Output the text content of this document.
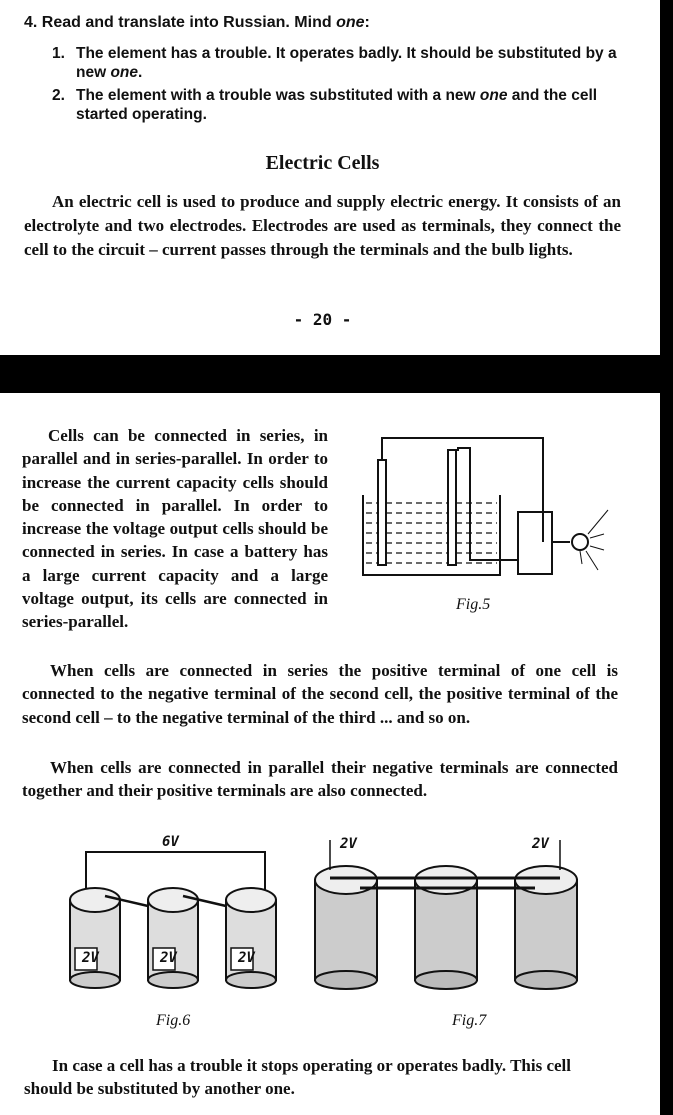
4. Read and translate into Russian. Mind one:
1. The element has a trouble. It operates badly. It should be substituted by a new one.
2. The element with a trouble was substituted with a new one and the cell started operating.
Electric Cells
An electric cell is used to produce and supply electric energy. It consists of an electrolyte and two electrodes. Electrodes are used as terminals, they connect the cell to the circuit – current passes through the terminals and the bulb lights.
- 20 -
Cells can be connected in series, in parallel and in series-parallel. In order to increase the current capacity cells should be connected in parallel. In order to increase the voltage output cells should be connected in series. In case a battery has a large current capacity and a large voltage output, its cells are connected in series-parallel.
Fig.5
When cells are connected in series the positive terminal of one cell is connected to the negative terminal of the second cell, the positive terminal of the second cell – to the negative terminal of the third ... and so on.
When cells are connected in parallel their negative terminals are connected together and their positive terminals are also connected.
6V
2V	2V	2V
2V	2V
Fig.6	Fig.7
In case a cell has a trouble it stops operating or operates badly. This cell should be substituted by another one.
